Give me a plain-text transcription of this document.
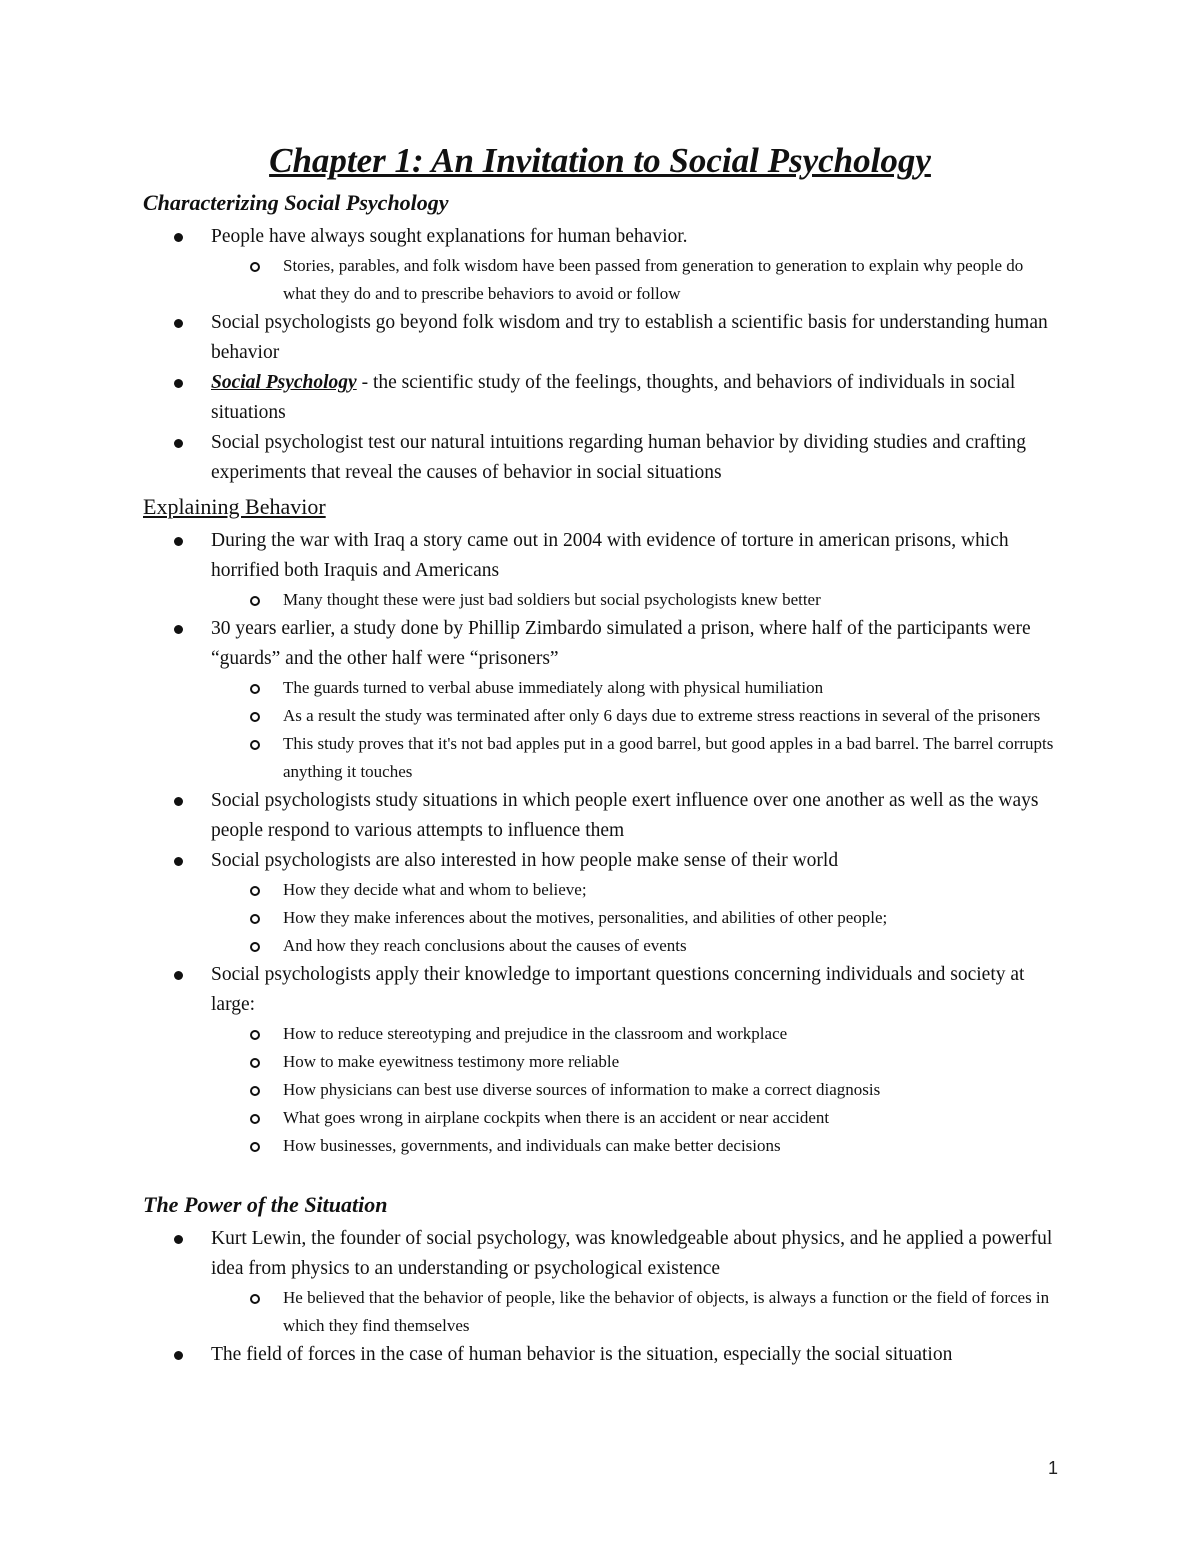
Chapter 1: An Invitation to Social Psychology
Characterizing Social Psychology
People have always sought explanations for human behavior.
Stories, parables, and folk wisdom have been passed from generation to generation to explain why people do what they do and to prescribe behaviors to avoid or follow
Social psychologists go beyond folk wisdom and try to establish a scientific basis for understanding human behavior
Social Psychology - the scientific study of the feelings, thoughts, and behaviors of individuals in social situations
Social psychologist test our natural intuitions regarding human behavior by dividing studies and crafting experiments that reveal the causes of behavior in social situations
Explaining Behavior
During the war with Iraq a story came out in 2004 with evidence of torture in american prisons, which horrified both Iraquis and Americans
Many thought these were just bad soldiers but social psychologists knew better
30 years earlier, a study done by Phillip Zimbardo simulated a prison, where half of the participants were “guards” and the other half were “prisoners”
The guards turned to verbal abuse immediately along with physical humiliation
As a result the study was terminated after only 6 days due to extreme stress reactions in several of the prisoners
This study proves that it's not bad apples put in a good barrel, but good apples in a bad barrel. The barrel corrupts anything it touches
Social psychologists study situations in which people exert influence over one another as well as the ways people respond to various attempts to influence them
Social psychologists are also interested in how people make sense of their world
How they decide what and whom to believe;
How they make inferences about the motives, personalities, and abilities of other people;
And how they reach conclusions about the causes of events
Social psychologists apply their knowledge to important questions concerning individuals and society at large:
How to reduce stereotyping and prejudice in the classroom and workplace
How to make eyewitness testimony more reliable
How physicians can best use diverse sources of information to make a correct diagnosis
What goes wrong in airplane cockpits when there is an accident or near accident
How businesses, governments, and individuals can make better decisions
The Power of the Situation
Kurt Lewin, the founder of social psychology, was knowledgeable about physics, and he applied a powerful idea from physics to an understanding or psychological existence
He believed that the behavior of people, like the behavior of objects, is always a function or the field of forces in which they find themselves
The field of forces in the case of human behavior is the situation, especially the social situation
1
